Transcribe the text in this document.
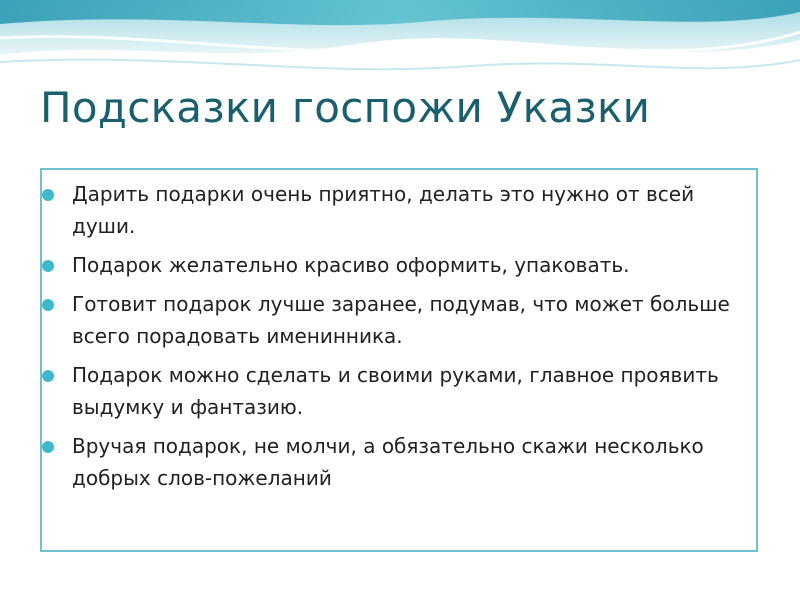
Подсказки госпожи Указки
Дарить подарки очень приятно, делать это нужно от всей души.
Подарок желательно красиво оформить, упаковать.
Готовит подарок лучше заранее, подумав, что может больше всего порадовать именинника.
Подарок можно сделать и своими руками, главное проявить выдумку и фантазию.
Вручая подарок, не молчи, а обязательно скажи несколько добрых слов-пожеланий
